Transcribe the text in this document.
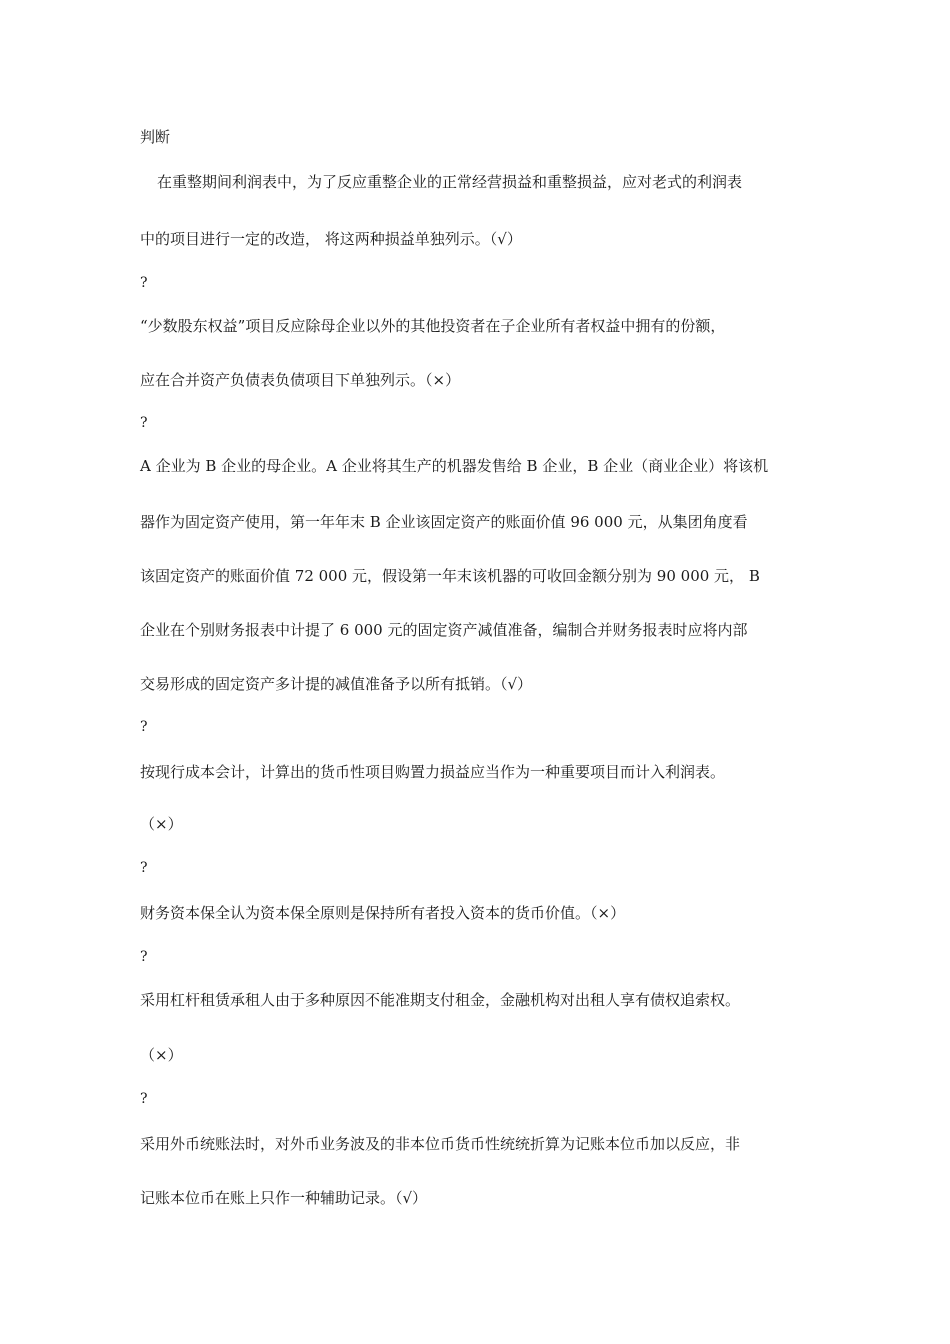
判断
在重整期间利润表中，为了反应重整企业的正常经营损益和重整损益，应对老式的利润表
中的项目进行一定的改造， 将这两种损益单独列示。（√）
?
“少数股东权益”项目反应除母企业以外的其他投资者在子企业所有者权益中拥有的份额，
应在合并资产负债表负债项目下单独列示。（×）
?
A 企业为 B 企业的母企业。A 企业将其生产的机器发售给 B 企业，B 企业（商业企业）将该机
器作为固定资产使用，第一年年末 B 企业该固定资产的账面价值 96 000 元，从集团角度看
该固定资产的账面价值 72 000 元，假设第一年末该机器的可收回金额分别为 90 000 元， B
企业在个别财务报表中计提了 6 000 元的固定资产减值准备，编制合并财务报表时应将内部
交易形成的固定资产多计提的减值准备予以所有抵销。（√）
?
按现行成本会计，计算出的货币性项目购置力损益应当作为一种重要项目而计入利润表。
（×）
?
财务资本保全认为资本保全原则是保持所有者投入资本的货币价值。（×）
?
采用杠杆租赁承租人由于多种原因不能准期支付租金，金融机构对出租人享有债权追索权。
（×）
?
采用外币统账法时，对外币业务波及的非本位币货币性统统折算为记账本位币加以反应，非
记账本位币在账上只作一种辅助记录。（√）
